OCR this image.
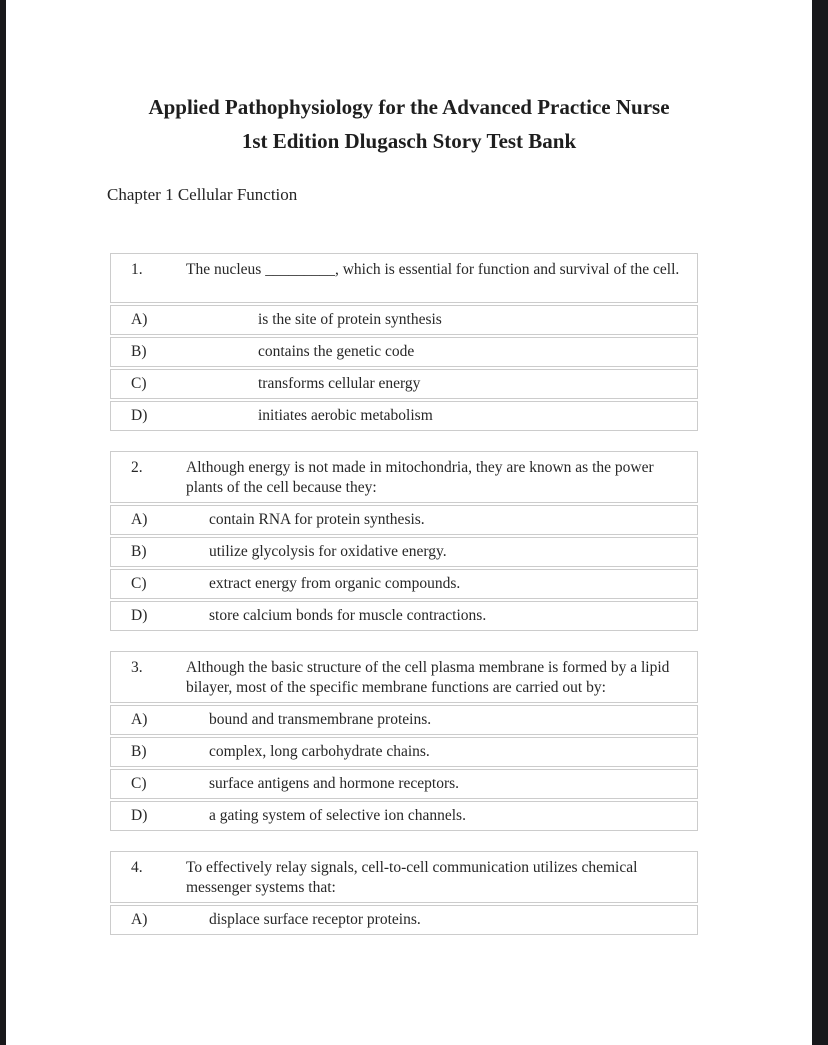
Applied Pathophysiology for the Advanced Practice Nurse
1st Edition Dlugasch Story Test Bank
Chapter 1 Cellular Function
1.	The nucleus _________, which is essential for function and survival of the cell.
A)	is the site of protein synthesis
B)	contains the genetic code
C)	transforms cellular energy
D)	initiates aerobic metabolism
2.	Although energy is not made in mitochondria, they are known as the power plants of the cell because they:
A)	contain RNA for protein synthesis.
B)	utilize glycolysis for oxidative energy.
C)	extract energy from organic compounds.
D)	store calcium bonds for muscle contractions.
3.	Although the basic structure of the cell plasma membrane is formed by a lipid bilayer, most of the specific membrane functions are carried out by:
A)	bound and transmembrane proteins.
B)	complex, long carbohydrate chains.
C)	surface antigens and hormone receptors.
D)	a gating system of selective ion channels.
4.	To effectively relay signals, cell-to-cell communication utilizes chemical messenger systems that:
A)	displace surface receptor proteins.
